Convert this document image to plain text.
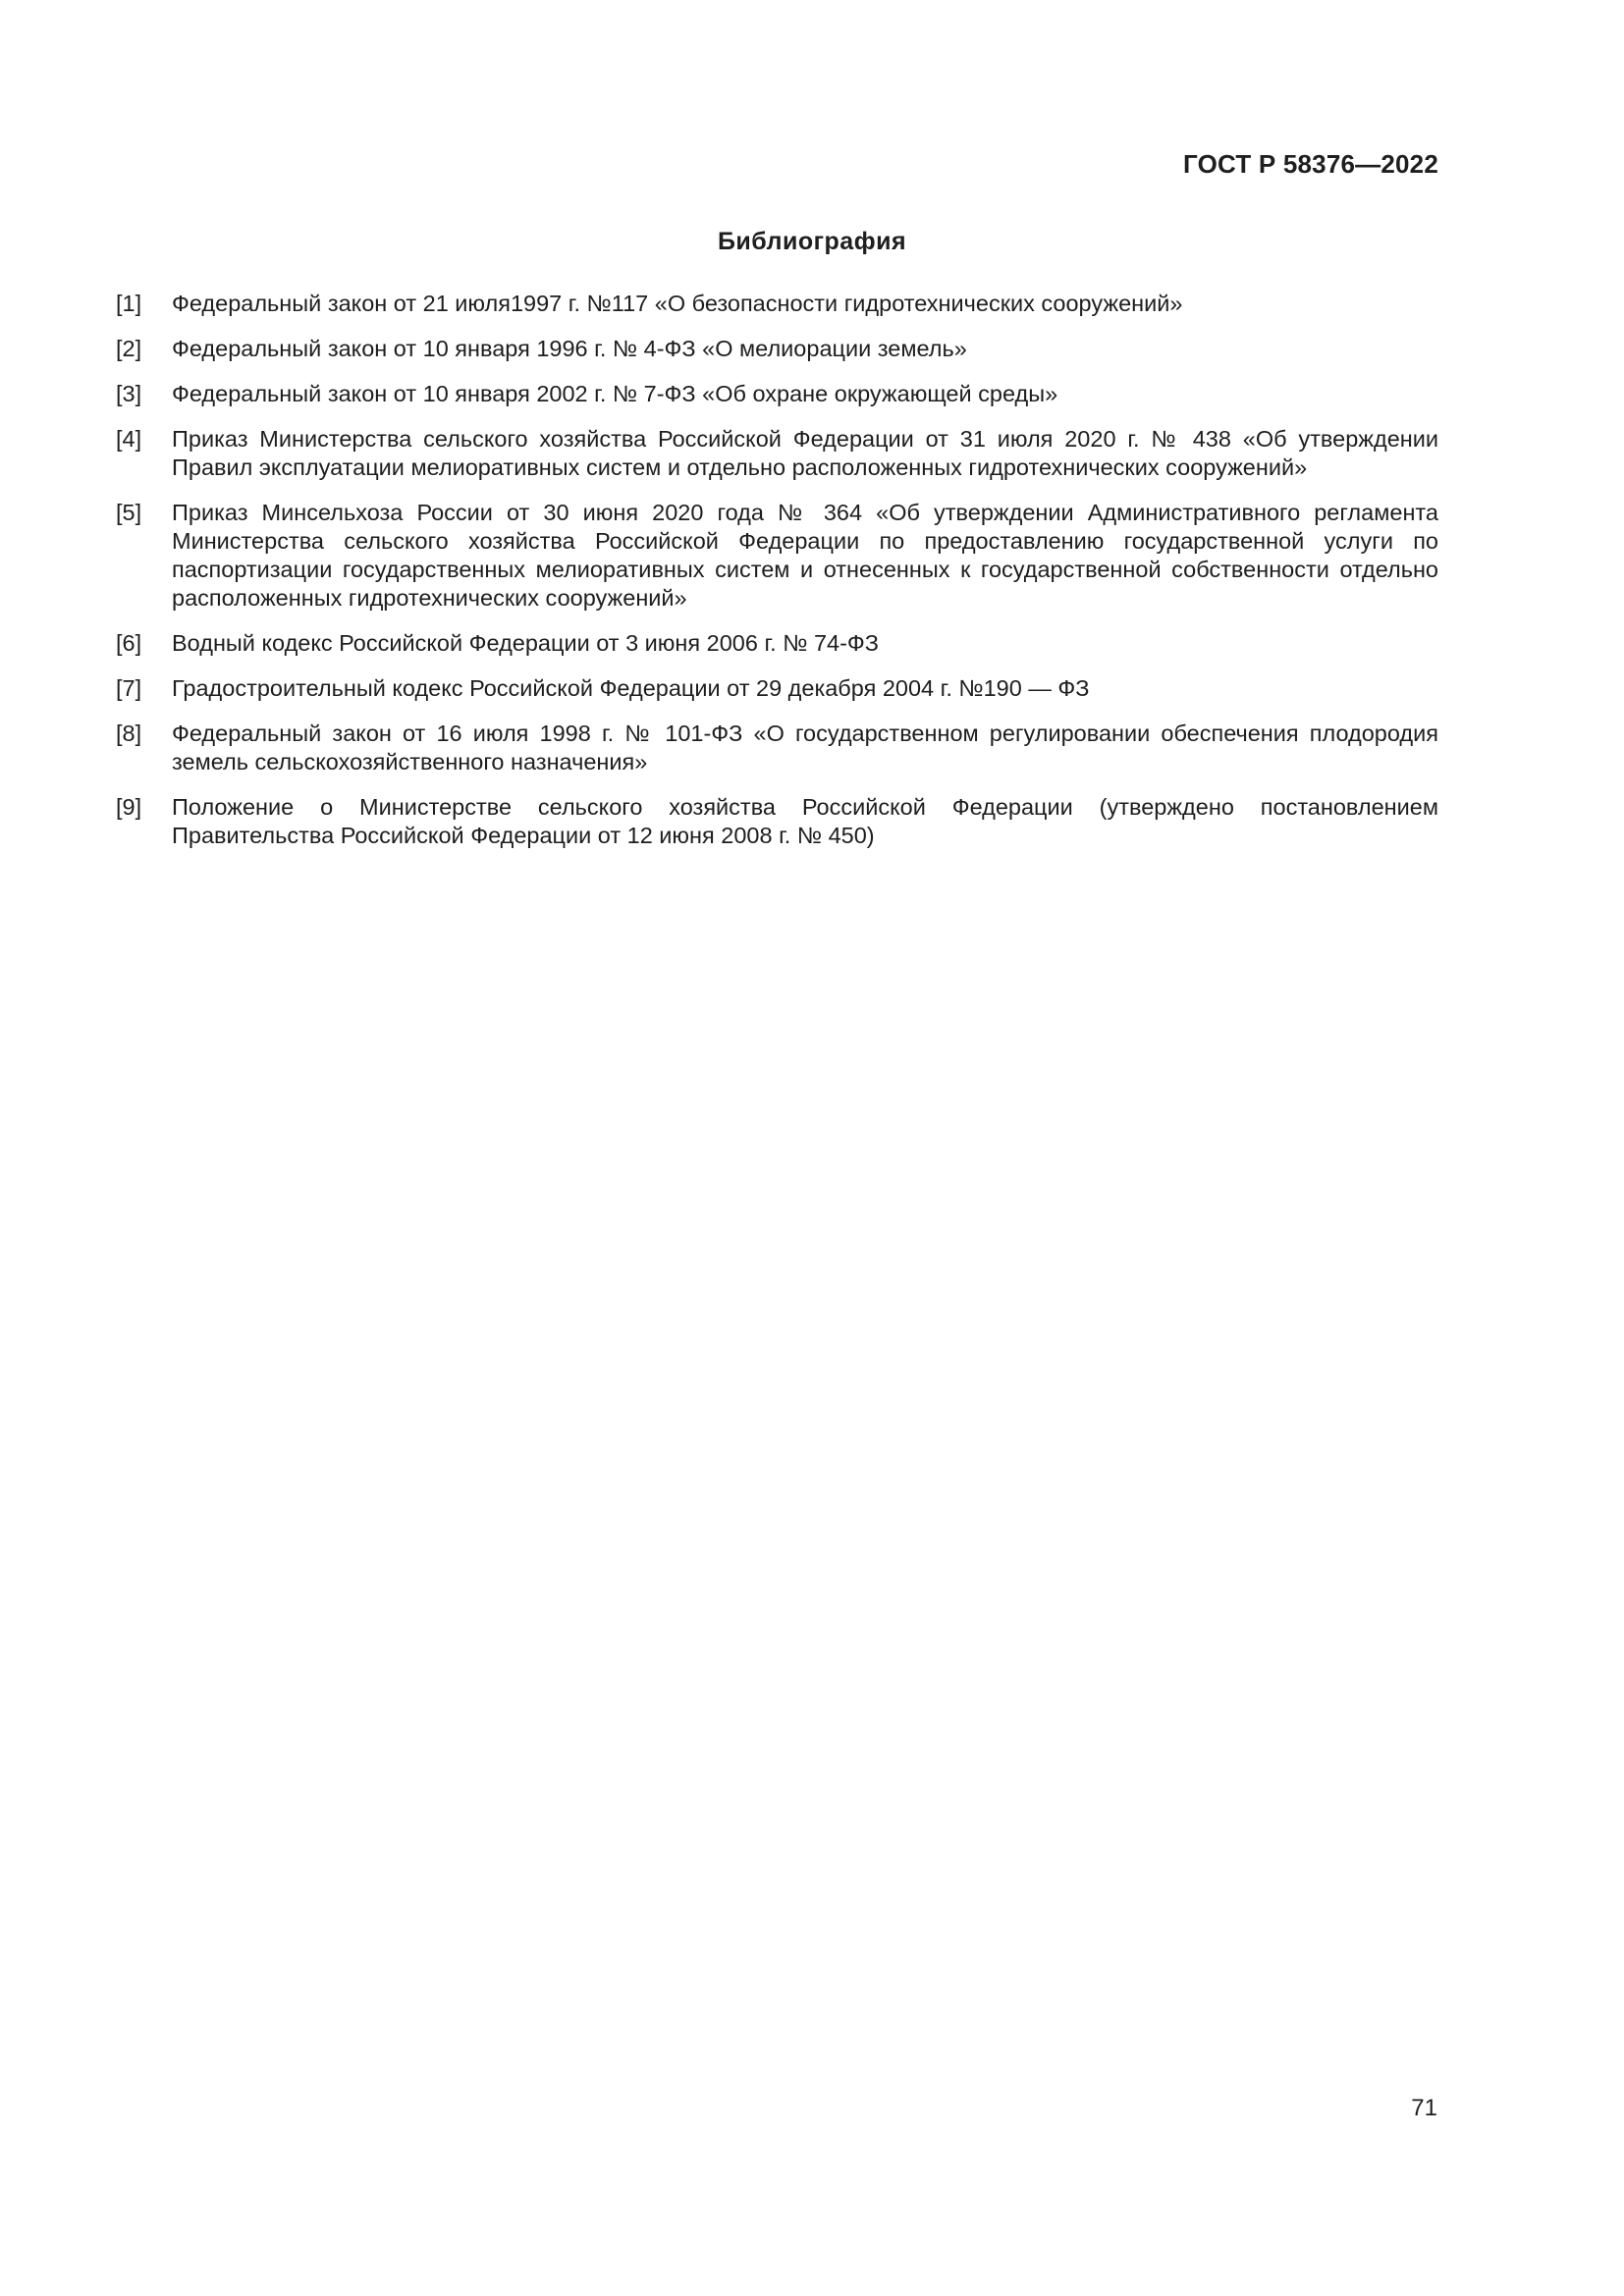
ГОСТ Р 58376—2022
Библиография
[1]	Федеральный закон от 21 июля1997 г. №117 «О безопасности гидротехнических сооружений»
[2]	Федеральный закон от 10 января 1996 г. № 4-ФЗ «О мелиорации земель»
[3]	Федеральный закон от 10 января 2002 г. № 7-ФЗ «Об охране окружающей среды»
[4]	Приказ Министерства сельского хозяйства Российской Федерации от 31 июля 2020 г. № 438 «Об утверждении Правил эксплуатации мелиоративных систем и отдельно расположенных гидротехнических сооружений»
[5]	Приказ Минсельхоза России от 30 июня 2020 года № 364 «Об утверждении Административного регламента Министерства сельского хозяйства Российской Федерации по предоставлению государственной услуги по паспортизации государственных мелиоративных систем и отнесенных к государственной собственности отдельно расположенных гидротехнических сооружений»
[6]	Водный кодекс Российской Федерации от 3 июня 2006 г. № 74-ФЗ
[7]	Градостроительный кодекс Российской Федерации от 29 декабря 2004 г. №190 — ФЗ
[8]	Федеральный закон от 16 июля 1998 г. № 101-ФЗ «О государственном регулировании обеспечения плодородия земель сельскохозяйственного назначения»
[9]	Положение о Министерстве сельского хозяйства Российской Федерации (утверждено постановлением Правительства Российской Федерации от 12 июня 2008 г. № 450)
71
